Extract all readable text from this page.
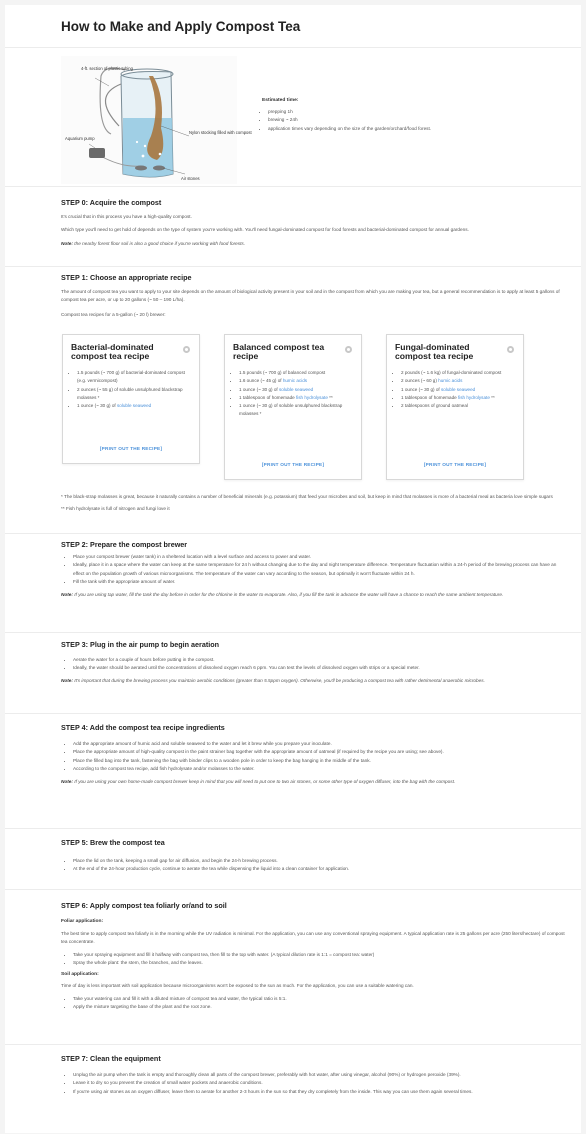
How to Make and Apply Compost Tea
4-ft. section of plastic tubing
Nylon stocking filled with compost
Aquarium pump
Air stones

Estimated time:

• prepping 1h
• brewing ~ 24h
• application times vary depending on the size of the garden/orchard/food forest.

STEP 0: Acquire the compost

It's crucial that in this process you have a high-quality compost.

Which type you'll need to get hold of depends on the type of system you're working with. You'll need fungal-dominated compost for food forests and bacterial-dominated compost for annual gardens.

Note: the nearby forest floor soil is also a good choice if you're working with food forests.

STEP 1: Choose an appropriate recipe

The amount of compost tea you want to apply to your site depends on the amount of biological activity present in your soil and in the compost from which you are making your tea, but a general recommendation is to apply at least 5 gallons of compost tea per acre, or up to 20 gallons (~ 50 – 190 L/ha).

Compost tea recipes for a 5-gallon (~ 20 l) brewer:

Bacterial-dominated compost tea recipe
• 1.5 pounds (~ 700 g) of bacterial-dominated compost (e.g. vermicompost)
• 2 ounces (~ 55 g) of soluble unsulphured blackstrap molasses *
• 1 ounce (~ 30 g) of soluble seaweed
[PRINT OUT THE RECIPE]
Balanced compost tea recipe
• 1.5 pounds (~ 700 g) of balanced compost
• 1.6 ounce (~ 45 g) of humic acids
• 1 ounce (~ 30 g) of soluble seaweed
• 1 tablespoon of homemade fish hydrolysate **
• 1 ounce (~ 30 g) of soluble unsulphured blackstrap molasses *
[PRINT OUT THE RECIPE]
Fungal-dominated compost tea recipe
• 2 pounds (~ 1.6 kg) of fungal-dominated compost
• 2 ounces (~ 60 g) humic acids
• 1 ounce (~ 30 g) of soluble seaweed
• 1 tablespoon of homemade fish hydrolysate **
• 2 tablespoons of ground oatmeal
[PRINT OUT THE RECIPE]

* The black-strap molasses is great, because it naturally contains a number of beneficial minerals (e.g. potassium) that feed your microbes and soil, but keep in mind that molasses is more of a bacterial meal as bacteria love simple sugars

** Fish hydrolysate is full of nitrogen and fungi love it

STEP 2: Prepare the compost brewer

• Place your compost brewer (water tank) in a sheltered location with a level surface and access to power and water.
• Ideally, place it in a space where the water can keep at the same temperature for 24 h without changing due to the day and night temperature difference. Temperature fluctuation within a 24-h period of the brewing process can have an effect on the population growth of various microorganisms. The temperature of the water can vary according to the season, but optimally it won't fluctuate within 24 h.
• Fill the tank with the appropriate amount of water.

Note: If you are using tap water, fill the tank the day before in order for the chlorine in the water to evaporate. Also, if you fill the tank in advance the water will have a chance to reach the same ambient temperature.

STEP 3: Plug in the air pump to begin aeration

• Aerate the water for a couple of hours before putting in the compost.
• Ideally, the water should be aerated until the concentrations of dissolved oxygen reach 6 ppm. You can test the levels of dissolved oxygen with strips or a special meter.

Note: It's important that during the brewing process you maintain aerobic conditions (greater than 5.5ppm oxygen). Otherwise, you'll be producing a compost tea with rather detrimental anaerobic microbes.

STEP 4: Add the compost tea recipe ingredients

• Add the appropriate amount of humic acid and soluble seaweed to the water and let it brew while you prepare your inoculate.
• Place the appropriate amount of high-quality compost in the paint strainer bag together with the appropriate amount of oatmeal (if required by the recipe you are using; see above).
• Place the filled bag into the tank, fastening the bag with binder clips to a wooden pole in order to keep the bag hanging in the middle of the tank.
• According to the compost tea recipe, add fish hydrolysate and/or molasses to the water.

Note: If you are using your own home-made compost brewer keep in mind that you will need to put one to two air stones, or some other type of oxygen diffuser, into the bag with the compost.

STEP 5: Brew the compost tea

• Place the lid on the tank, keeping a small gap for air diffusion, and begin the 24-h brewing process.
• At the end of the 24-hour production cycle, continue to aerate the tea while dispensing the liquid into a clean container for application.

STEP 6: Apply compost tea foliarly or/and to soil

Foliar application:

The best time to apply compost tea foliarly is in the morning while the UV radiation is minimal. For the application, you can use any conventional spraying equipment. A typical application rate is 25 gallons per acre (250 liters/hectare) of compost tea concentrate.

• Take your spraying equipment and fill it halfway with compost tea, then fill to the top with water. (A typical dilution rate is 1:1 = compost tea: water)
• Spray the whole plant: the stem, the branches, and the leaves.

Soil application:

Time of day is less important with soil application because microorganisms won't be exposed to the sun as much. For the application, you can use a suitable watering can.

• Take your watering can and fill it with a diluted mixture of compost tea and water, the typical ratio is 5:1.
• Apply the mixture targeting the base of the plant and the root zone.

STEP 7: Clean the equipment

• Unplug the air pump when the tank is empty and thoroughly clean all parts of the compost brewer, preferably with hot water, after using vinegar, alcohol (90%) or hydrogen peroxide (39%).
• Leave it to dry so you prevent the creation of small water pockets and anaerobic conditions.
• If you're using air stones as an oxygen diffuser, leave them to aerate for another 2-3 hours in the sun so that they dry completely from the inside. This way you can use them again several times.
